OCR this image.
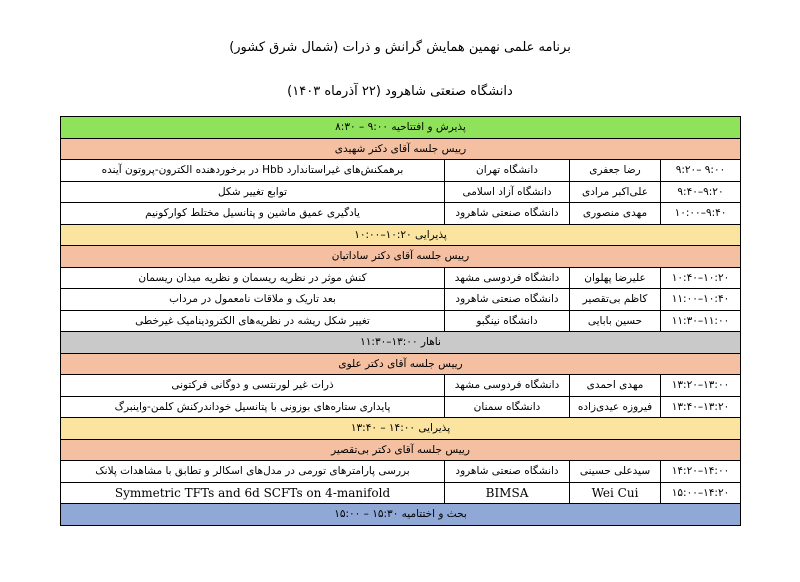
برنامه علمی نهمین همایش گرانش و ذرات (شمال شرق کشور)
دانشگاه صنعتی شاهرود (۲۲ آذرماه ۱۴۰۳)
پذیرش و افتتاحیه ۹:۰۰ – ۸:۳۰			
رییس جلسه آقای دکتر شهیدی			
۹:۰۰ –۹:۲۰	رضا جعفری	دانشگاه تهران	برهمکنش‌های غیراستاندارد Hbb در برخوردهنده الکترون-پروتون آینده
۹:۲۰–۹:۴۰	علی‌اکبر مرادی	دانشگاه آزاد اسلامی	توابع تغییر شکل
۹:۴۰–۱۰:۰۰	مهدی منصوری	دانشگاه صنعتی شاهرود	یادگیری عمیق ماشین و پتانسیل مختلط کوارکونیم
پذیرایی ۱۰:۲۰–۱۰:۰۰			
رییس جلسه آقای دکتر ساداتیان			
۱۰:۲۰–۱۰:۴۰	علیرضا پهلوان	دانشگاه فردوسی مشهد	کنش موثر در نظریه ریسمان و نظریه میدان ریسمان
۱۰:۴۰–۱۱:۰۰	کاظم بی‌تقصیر	دانشگاه صنعتی شاهرود	بعد تاریک و ملاقات نامعمول در مرداب
۱۱:۰۰–۱۱:۳۰	حسین بابایی	دانشگاه نینگبو	تغییر شکل ریشه در نظریه‌های الکترودینامیک غیرخطی
ناهار ۱۳:۰۰–۱۱:۳۰			
رییس جلسه آقای دکتر علوی			
۱۳:۰۰–۱۳:۲۰	مهدی احمدی	دانشگاه فردوسی مشهد	ذرات غیر لورنتسی و دوگانی فرکتونی
۱۳:۲۰–۱۳:۴۰	فیروزه عیدی‌زاده	دانشگاه سمنان	پایداری ستاره‌های بوزونی با پتانسیل خوداندرکنش کلمن-واینبرگ
پذیرایی ۱۴:۰۰ – ۱۳:۴۰			
رییس جلسه آقای دکتر بی‌تقصیر			
۱۴:۰۰–۱۴:۲۰	سیدعلی حسینی	دانشگاه صنعتی شاهرود	بررسی پارامترهای تورمی در مدل‌های اسکالر و تطابق با مشاهدات پلانک
۱۴:۲۰–۱۵:۰۰	Wei Cui	BIMSA	Symmetric TFTs and 6d SCFTs on 4-manifold
بحث و اختتامیه ۱۵:۳۰ – ۱۵:۰۰			
